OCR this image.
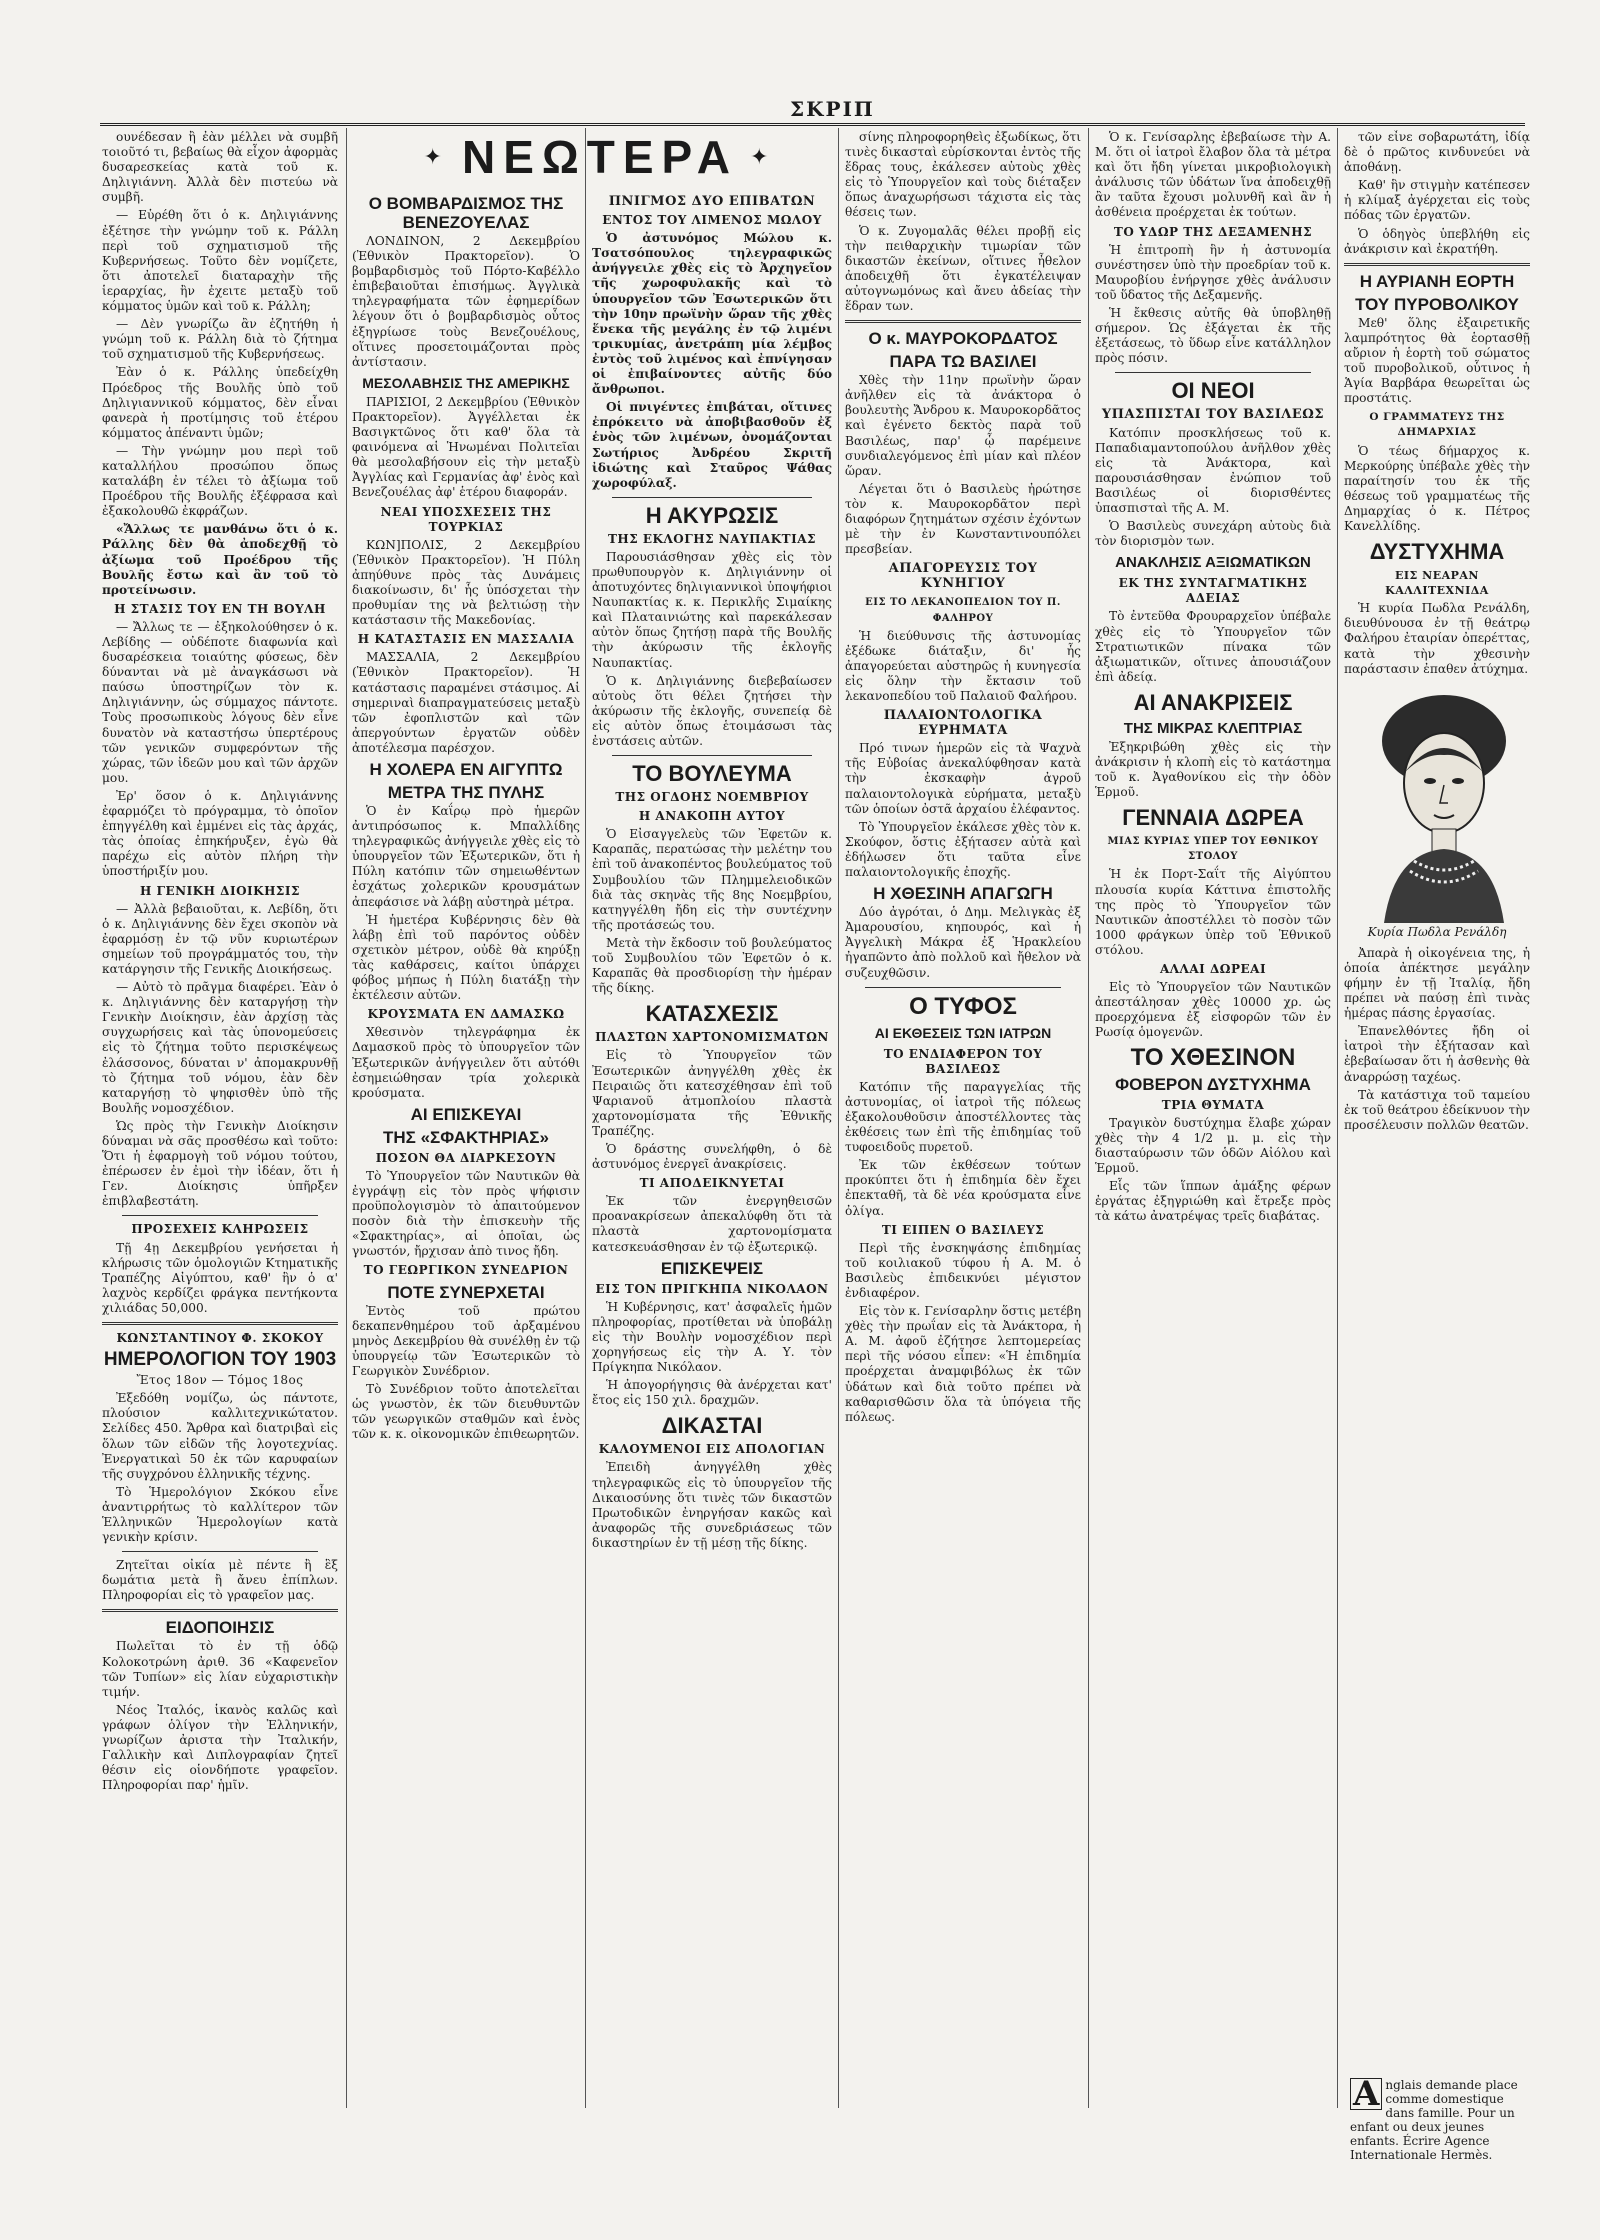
ΣΚΡΙΠ

ουνέδεσαν ἢ ἐὰν μέλλει νὰ συμβῆ τοιοῦτό τι, βεβαίως θὰ εἶχον ἀφορμὰς δυσαρεσκείας κατὰ τοῦ κ. Δηλιγιάννη. Ἀλλὰ δὲν πιστεύω νὰ συμβῆ.

— Εὑρέθη ὅτι ὁ κ. Δηλιγιάννης ἐξέτησε τὴν γνώμην τοῦ κ. Ράλλη περὶ τοῦ σχηματισμοῦ τῆς Κυβερνήσεως. Τοῦτο δὲν νομίζετε, ὅτι ἀποτελεῖ διαταραχὴν τῆς ἱεραρχίας, ἢν ἐχειτε μεταξὺ τοῦ κόμματος ὑμῶν καὶ τοῦ κ. Ράλλη;

— Δὲν γνωρίζω ἂν ἐζητήθη ἡ γνώμη τοῦ κ. Ράλλη διὰ τὸ ζήτημα τοῦ σχηματισμοῦ τῆς Κυβερνήσεως.

Ἐὰν ὁ κ. Ράλλης ὑπεδείχθη Πρόεδρος τῆς Βουλῆς ὑπὸ τοῦ Δηλιγιαννικοῦ κόμματος, δὲν εἶναι φανερὰ ἡ προτίμησις τοῦ ἑτέρου κόμματος ἀπέναντι ὑμῶν;

— Τὴν γνώμην μου περὶ τοῦ καταλλήλου προσώπου ὅπως καταλάβη ἐν τέλει τὸ ἀξίωμα τοῦ Προέδρου τῆς Βουλῆς ἐξέφρασα καὶ ἐξακολουθῶ ἐκφράζων.

«Ἄλλως τε μανθάνω ὅτι ὁ κ. Ράλλης δὲν θὰ ἀποδεχθῇ τὸ ἀξίωμα τοῦ Προέδρου τῆς Βουλῆς ἔστω καὶ ἂν τοῦ τὸ προτείνωσιν.

Η ΣΤΑΣΙΣ ΤΟΥ ΕΝ ΤΗ ΒΟΥΛΗ

— Ἄλλως τε — ἐξηκολούθησεν ὁ κ. Λεβίδης — οὐδέποτε διαφωνία καὶ δυσαρέσκεια τοιαύτης φύσεως, δὲν δύνανται νὰ μὲ ἀναγκάσωσι νὰ παύσω ὑποστηρίζων τὸν κ. Δηλιγιάννην, ὡς σύμμαχος πάντοτε. Τοὺς προσωπικοὺς λόγους δὲν εἶνε δυνατὸν νὰ καταστήσω ὑπερτέρους τῶν γενικῶν συμφερόντων τῆς χώρας, τῶν ἰδεῶν μου καὶ τῶν ἀρχῶν μου.

Ἐρ' ὅσον ὁ κ. Δηλιγιάννης ἐφαρμόζει τὸ πρόγραμμα, τὸ ὁποῖον ἐπηγγέλθη καὶ ἐμμένει εἰς τὰς ἀρχάς, τὰς ὁποίας ἐπηκήρυξεν, ἐγὼ θὰ παρέχω εἰς αὐτὸν πλήρη τὴν ὑποστήριξίν μου.

Η ΓΕΝΙΚΗ ΔΙΟΙΚΗΣΙΣ

— Ἀλλὰ βεβαιοῦται, κ. Λεβίδη, ὅτι ὁ κ. Δηλιγιάννης δὲν ἔχει σκοπὸν νὰ ἐφαρμόσῃ ἐν τῷ νῦν κυριωτέρων σημείων τοῦ προγράμματός του, τὴν κατάργησιν τῆς Γενικῆς Διοικήσεως.

— Αὐτὸ τὸ πρᾶγμα διαφέρει. Ἐὰν ὁ κ. Δηλιγιάννης δὲν καταργήσῃ τὴν Γενικὴν Διοίκησιν, ἐὰν ἀρχίσῃ τὰς συγχωρήσεις καὶ τὰς ὑπονομεύσεις εἰς τὸ ζήτημα τοῦτο περισκέψεως ἐλάσσονος, δύναται ν' ἀπομακρυνθῇ τὸ ζήτημα τοῦ νόμου, ἐὰν δὲν καταργήσῃ τὸ ψηφισθὲν ὑπὸ τῆς Βουλῆς νομοσχέδιον.

Ὡς πρὸς τὴν Γενικὴν Διοίκησιν δύναμαι νὰ σᾶς προσθέσω καὶ τοῦτο: Ὅτι ἡ ἐφαρμογὴ τοῦ νόμου τούτου, ἐπέρωσεν ἐν ἐμοὶ τὴν ἰδέαν, ὅτι ἡ Γεν. Διοίκησις ὑπῆρξεν ἐπιβλαβεστάτη.

ΠΡΟΣΕΧΕΙΣ ΚΛΗΡΩΣΕΙΣ

Τῇ 4ῃ Δεκεμβρίου γενήσεται ἡ κλήρωσις τῶν ὁμολογιῶν Κτηματικῆς Τραπέζης Αἰγύπτου, καθ' ἣν ὁ α' λαχνὸς κερδίζει φράγκα πεντήκοντα χιλιάδας 50,000.

ΚΩΝΣΤΑΝΤΙΝΟΥ Φ. ΣΚΟΚΟΥ
ΗΜΕΡΟΛΟΓΙΟΝ ΤΟΥ 1903
Ἔτος 18ον — Τόμος 18ος

Ἐξεδόθη νομίζω, ὡς πάντοτε, πλούσιον καλλιτεχνικώτατον. Σελίδες 450. Ἄρθρα καὶ διατριβαὶ εἰς ὅλων τῶν εἰδῶν τῆς λογοτεχνίας. Ἐνεργατικαὶ 50 ἐκ τῶν καρυφαίων τῆς συγχρόνου ἑλληνικῆς τέχνης.

Τὸ Ἡμερολόγιον Σκόκου εἶνε ἀναντιρρήτως τὸ καλλίτερον τῶν Ἑλληνικῶν Ἡμερολογίων κατὰ γενικὴν κρίσιν.

Ζητεῖται οἰκία μὲ πέντε ἢ ἓξ δωμάτια μετὰ ἢ ἄνευ ἐπίπλων. Πληροφορίαι εἰς τὸ γραφεῖον μας.

ΕΙΔΟΠΟΙΗΣΙΣ

Πωλεῖται τὸ ἐν τῇ ὁδῷ Κολοκοτρώνη ἀριθ. 36 «Καφενεῖον τῶν Τυπίων» εἰς λίαν εὐχαριστικὴν τιμήν.

Νέος Ἰταλός, ἱκανὸς καλῶς καὶ γράφων ὁλίγον τὴν Ἑλληνικήν, γνωρίζων ἀριστα τὴν Ἰταλικήν, Γαλλικὴν καὶ Διπλογραφίαν ζητεῖ θέσιν εἰς οἱονδήποτε γραφεῖον. Πληροφορίαι παρ' ἡμῖν.

✦ ΝΕΩΤΕΡΑ ✦
Ο ΒΟΜΒΑΡΔΙΣΜΟΣ ΤΗΣ ΒΕΝΕΖΟΥΕΛΑΣ

ΛΟΝΔΙΝΟΝ, 2 Δεκεμβρίου (Ἐθνικὸν Πρακτορεῖον). Ὁ βομβαρδισμὸς τοῦ Πόρτο-Καβέλλο ἐπιβεβαιοῦται ἐπισήμως. Ἀγγλικὰ τηλεγραφήματα τῶν ἐφημερίδων λέγουν ὅτι ὁ βομβαρδισμὸς οὗτος ἐξηγρίωσε τοὺς Βενεζουέλους, οἵτινες προσετοιμάζονται πρὸς ἀντίστασιν.

ΜΕΣΟΛΑΒΗΣΙΣ ΤΗΣ ΑΜΕΡΙΚΗΣ

ΠΑΡΙΣΙΟΙ, 2 Δεκεμβρίου (Ἐθνικὸν Πρακτορεῖον). Ἀγγέλλεται ἐκ Βασιγκτῶνος ὅτι καθ' ὅλα τὰ φαινόμενα αἱ Ἡνωμέναι Πολιτεῖαι θὰ μεσολαβήσουν εἰς τὴν μεταξὺ Ἀγγλίας καὶ Γερμανίας ἀφ' ἑνὸς καὶ Βενεζουέλας ἀφ' ἑτέρου διαφοράν.

ΝΕΑΙ ΥΠΟΣΧΕΣΕΙΣ ΤΗΣ ΤΟΥΡΚΙΑΣ

ΚΩΝ]ΠΟΛΙΣ, 2 Δεκεμβρίου (Ἐθνικὸν Πρακτορεῖον). Ἡ Πύλη ἀπηύθυνε πρὸς τὰς Δυνάμεις διακοίνωσιν, δι' ἧς ὑπόσχεται τὴν προθυμίαν της νὰ βελτιώσῃ τὴν κατάστασιν τῆς Μακεδονίας.

Η ΚΑΤΑΣΤΑΣΙΣ ΕΝ ΜΑΣΣΑΛΙΑ

ΜΑΣΣΑΛΙΑ, 2 Δεκεμβρίου (Ἐθνικὸν Πρακτορεῖον). Ἡ κατάστασις παραμένει στάσιμος. Αἱ σημεριναὶ διαπραγματεύσεις μεταξὺ τῶν ἐφοπλιστῶν καὶ τῶν ἀπεργούντων ἐργατῶν οὐδὲν ἀποτέλεσμα παρέσχον.

Η ΧΟΛΕΡΑ ΕΝ ΑΙΓΥΠΤΩ
ΜΕΤΡΑ ΤΗΣ ΠΥΛΗΣ

Ὁ ἐν Καΐρῳ πρὸ ἡμερῶν ἀντιπρόσωπος κ. Μπαλλίδης τηλεγραφικῶς ἀνήγγειλε χθὲς εἰς τὸ ὑπουργεῖον τῶν Ἐξωτερικῶν, ὅτι ἡ Πύλη κατόπιν τῶν σημειωθέντων ἐσχάτως χολερικῶν κρουσμάτων ἀπεφάσισε νὰ λάβῃ αὐστηρὰ μέτρα.

Ἡ ἡμετέρα Κυβέρνησις δὲν θὰ λάβῃ ἐπὶ τοῦ παρόντος οὐδὲν σχετικὸν μέτρον, οὐδὲ θὰ κηρύξῃ τὰς καθάρσεις, καίτοι ὑπάρχει φόβος μήπως ἡ Πύλη διατάξῃ τὴν ἐκτέλεσιν αὐτῶν.

ΚΡΟΥΣΜΑΤΑ ΕΝ ΔΑΜΑΣΚΩ

Χθεσινὸν τηλεγράφημα ἐκ Δαμασκοῦ πρὸς τὸ ὑπουργεῖον τῶν Ἐξωτερικῶν ἀνήγγειλεν ὅτι αὐτόθι ἐσημειώθησαν τρία χολερικὰ κρούσματα.

ΑΙ ΕΠΙΣΚΕΥΑΙ
ΤΗΣ «ΣΦΑΚΤΗΡΙΑΣ»
ΠΟΣΟΝ ΘΑ ΔΙΑΡΚΕΣΟΥΝ

Τὸ Ὑπουργεῖον τῶν Ναυτικῶν θὰ ἐγγράψῃ εἰς τὸν πρὸς ψήφισιν προϋπολογισμὸν τὸ ἀπαιτούμενον ποσὸν διὰ τὴν ἐπισκευὴν τῆς «Σφακτηρίας», αἱ ὁποῖαι, ὡς γνωστόν, ἤρχισαν ἀπὸ τινος ἤδη.

ΤΟ ΓΕΩΡΓΙΚΟΝ ΣΥΝΕΔΡΙΟΝ
ΠΟΤΕ ΣΥΝΕΡΧΕΤΑΙ

Ἐντὸς τοῦ πρώτου δεκαπενθημέρου τοῦ ἀρξαμένου μηνὸς Δεκεμβρίου θὰ συνέλθῃ ἐν τῷ ὑπουργείῳ τῶν Ἐσωτερικῶν τὸ Γεωργικὸν Συνέδριον.

Τὸ Συνέδριον τοῦτο ἀποτελεῖται ὡς γνωστὸν, ἐκ τῶν διευθυντῶν τῶν γεωργικῶν σταθμῶν καὶ ἑνὸς τῶν κ. κ. οἰκονομικῶν ἐπιθεωρητῶν.

ΠΝΙΓΜΟΣ ΔΥΟ ΕΠΙΒΑΤΩΝ
ΕΝΤΟΣ ΤΟΥ ΛΙΜΕΝΟΣ ΜΩΛΟΥ

Ὁ ἀστυνόμος Μώλου κ. Τσατσόπουλος τηλεγραφικῶς ἀνήγγειλε χθὲς εἰς τὸ Ἀρχηγεῖον τῆς χωροφυλακῆς καὶ τὸ ὑπουργεῖον τῶν Ἐσωτερικῶν ὅτι τὴν 10ην πρωϊνὴν ὥραν τῆς χθὲς ἕνεκα τῆς μεγάλης ἐν τῷ λιμένι τρικυμίας, ἀνετράπη μία λέμβος ἐντὸς τοῦ λιμένος καὶ ἐπνίγησαν οἱ ἐπιβαίνοντες αὐτῆς δύο ἄνθρωποι.

Οἱ πνιγέντες ἐπιβάται, οἵτινες ἐπρόκειτο νὰ ἀποβιβασθοῦν ἐξ ἑνὸς τῶν λιμένων, ὀνομάζονται Σωτήριος Ἀνδρέου Σκριτῆ ἰδιώτης καὶ Σταῦρος Ψάθας χωροφύλαξ.

Η ΑΚΥΡΩΣΙΣ
ΤΗΣ ΕΚΛΟΓΗΣ ΝΑΥΠΑΚΤΙΑΣ

Παρουσιάσθησαν χθὲς εἰς τὸν πρωθυπουργὸν κ. Δηλιγιάννην οἱ ἀποτυχόντες δηλιγιαννικοὶ ὑποψήφιοι Ναυπακτίας κ. κ. Περικλῆς Σιμαίκης καὶ Πλαταινιώτης καὶ παρεκάλεσαν αὐτὸν ὅπως ζητήσῃ παρὰ τῆς Βουλῆς τὴν ἀκύρωσιν τῆς ἐκλογῆς Ναυπακτίας.

Ὁ κ. Δηλιγιάννης διεβεβαίωσεν αὐτοὺς ὅτι θέλει ζητήσει τὴν ἀκύρωσιν τῆς ἐκλογῆς, συνεπείᾳ δὲ εἰς αὐτὸν ὅπως ἑτοιμάσωσι τὰς ἐνστάσεις αὐτῶν.

ΤΟ ΒΟΥΛΕΥΜΑ
ΤΗΣ ΟΓΔΟΗΣ ΝΟΕΜΒΡΙΟΥ
Η ΑΝΑΚΟΠΗ ΑΥΤΟΥ

Ὁ Εἰσαγγελεὺς τῶν Ἐφετῶν κ. Καραπᾶς, περατώσας τὴν μελέτην του ἐπὶ τοῦ ἀνακοπέντος βουλεύματος τοῦ Συμβουλίου τῶν Πλημμελειοδικῶν διὰ τὰς σκηνὰς τῆς 8ης Νοεμβρίου, κατηγγέλθη ἤδη εἰς τὴν συντέχνην τῆς προτάσεώς του.

Μετὰ τὴν ἔκδοσιν τοῦ βουλεύματος τοῦ Συμβουλίου τῶν Ἐφετῶν ὁ κ. Καραπᾶς θὰ προσδιορίσῃ τὴν ἡμέραν τῆς δίκης.

ΚΑΤΑΣΧΕΣΙΣ
ΠΛΑΣΤΩΝ ΧΑΡΤΟΝΟΜΙΣΜΑΤΩΝ

Εἰς τὸ Ὑπουργεῖον τῶν Ἐσωτερικῶν ἀνηγγέλθη χθὲς ἐκ Πειραιῶς ὅτι κατεσχέθησαν ἐπὶ τοῦ Ψαριανοῦ ἀτμοπλοίου πλαστὰ χαρτονομίσματα τῆς Ἐθνικῆς Τραπέζης.

Ὁ δράστης συνελήφθη, ὁ δὲ ἀστυνόμος ἐνεργεῖ ἀνακρίσεις.

ΤΙ ΑΠΟΔΕΙΚΝΥΕΤΑΙ

Ἐκ τῶν ἐνεργηθεισῶν προανακρίσεων ἀπεκαλύφθη ὅτι τὰ πλαστὰ χαρτονομίσματα κατεσκευάσθησαν ἐν τῷ ἐξωτερικῷ.

ΕΠΙΣΚΕΨΕΙΣ
ΕΙΣ ΤΟΝ ΠΡΙΓΚΗΠΑ ΝΙΚΟΛΑΟΝ

Ἡ Κυβέρνησις, κατ' ἀσφαλεῖς ἡμῶν πληροφορίας, προτίθεται νὰ ὑποβάλῃ εἰς τὴν Βουλὴν νομοσχέδιον περὶ χορηγήσεως εἰς τὴν Α. Υ. τὸν Πρίγκηπα Νικόλαον.

Ἡ ἀπογορήγησις θὰ ἀνέρχεται κατ' ἔτος εἰς 150 χιλ. δραχμῶν.

ΔΙΚΑΣΤΑΙ
ΚΑΛΟΥΜΕΝΟΙ ΕΙΣ ΑΠΟΛΟΓΙΑΝ

Ἐπειδὴ ἀνηγγέλθη χθὲς τηλεγραφικῶς εἰς τὸ ὑπουργεῖον τῆς Δικαιοσύνης ὅτι τινὲς τῶν δικαστῶν Πρωτοδικῶν ἐνηργήσαν κακῶς καὶ ἀναφορῶς τῆς συνεδριάσεως τῶν δικαστηρίων ἐν τῇ μέσῃ τῆς δίκης.

σίνης πληροφορηθεὶς ἐξωδίκως, ὅτι τινὲς δικασταὶ εὑρίσκονται ἐντὸς τῆς ἕδρας τους, ἐκάλεσεν αὐτοὺς χθὲς εἰς τὸ Ὑπουργεῖον καὶ τοὺς διέταξεν ὅπως ἀναχωρήσωσι τάχιστα εἰς τὰς θέσεις των.

Ὁ κ. Ζυγομαλᾶς θέλει προβῇ εἰς τὴν πειθαρχικὴν τιμωρίαν τῶν δικαστῶν ἐκείνων, οἵτινες ἦθελον ἀποδειχθῆ ὅτι ἐγκατέλειψαν αὐτογνωμόνως καὶ ἄνευ ἀδείας τὴν ἕδραν των.

Ο κ. ΜΑΥΡΟΚΟΡΔΑΤΟΣ
ΠΑΡΑ ΤΩ ΒΑΣΙΛΕΙ

Χθὲς τὴν 11ην πρωϊνὴν ὥραν ἀνῆλθεν εἰς τὰ ἀνάκτορα ὁ βουλευτὴς Ἄνδρου κ. Μαυροκορδᾶτος καὶ ἐγένετο δεκτὸς παρὰ τοῦ Βασιλέως, παρ' ᾧ παρέμεινε συνδιαλεγόμενος ἐπὶ μίαν καὶ πλέον ὥραν.

Λέγεται ὅτι ὁ Βασιλεὺς ἠρώτησε τὸν κ. Μαυροκορδᾶτον περὶ διαφόρων ζητημάτων σχέσιν ἐχόντων μὲ τὴν ἐν Κωνσταντινουπόλει πρεσβείαν.

ΑΠΑΓΟΡΕΥΣΙΣ ΤΟΥ ΚΥΝΗΓΙΟΥ
ΕΙΣ ΤΟ ΛΕΚΑΝΟΠΕΔΙΟΝ ΤΟΥ Π. ΦΑΛΗΡΟΥ

Ἡ διεύθυνσις τῆς ἀστυνομίας ἐξέδωκε διάταξιν, δι' ἧς ἀπαγορεύεται αὐστηρῶς ἡ κυνηγεσία εἰς ὅλην τὴν ἔκτασιν τοῦ λεκανοπεδίου τοῦ Παλαιοῦ Φαλήρου.

ΠΑΛΑΙΟΝΤΟΛΟΓΙΚΑ ΕΥΡΗΜΑΤΑ

Πρό τινων ἡμερῶν εἰς τὰ Ψαχνὰ τῆς Εὐβοίας ἀνεκαλύφθησαν κατὰ τὴν ἐκσκαφὴν ἀγροῦ παλαιοντολογικὰ εὑρήματα, μεταξὺ τῶν ὁποίων ὀστᾶ ἀρχαίου ἐλέφαντος.

Τὸ Ὑπουργεῖον ἐκάλεσε χθὲς τὸν κ. Σκούφον, ὅστις ἐξήτασεν αὐτὰ καὶ ἐδήλωσεν ὅτι ταῦτα εἶνε παλαιοντολογικῆς ἐποχῆς.

Η ΧΘΕΣΙΝΗ ΑΠΑΓΩΓΗ

Δύο ἀγρόται, ὁ Δημ. Μελιγκὰς ἐξ Ἀμαρουσίου, κηπουρός, καὶ ἡ Ἀγγελικὴ Μάκρα ἐξ Ἡρακλείου ἠγαπῶντο ἀπὸ πολλοῦ καὶ ἤθελον νὰ συζευχθῶσιν.

Ο ΤΥΦΟΣ
ΑΙ ΕΚΘΕΣΕΙΣ ΤΩΝ ΙΑΤΡΩΝ
ΤΟ ΕΝΔΙΑΦΕΡΟΝ ΤΟΥ ΒΑΣΙΛΕΩΣ

Κατόπιν τῆς παραγγελίας τῆς ἀστυνομίας, οἱ ἰατροὶ τῆς πόλεως ἐξακολουθοῦσιν ἀποστέλλοντες τὰς ἐκθέσεις των ἐπὶ τῆς ἐπιδημίας τοῦ τυφοειδοῦς πυρετοῦ.

Ἐκ τῶν ἐκθέσεων τούτων προκύπτει ὅτι ἡ ἐπιδημία δὲν ἔχει ἐπεκταθῆ, τὰ δὲ νέα κρούσματα εἶνε ὀλίγα.

ΤΙ ΕΙΠΕΝ Ο ΒΑΣΙΛΕΥΣ

Περὶ τῆς ἐνσκηψάσης ἐπιδημίας τοῦ κοιλιακοῦ τύφου ἡ Α. Μ. ὁ Βασιλεὺς ἐπιδεικνύει μέγιστον ἐνδιαφέρον.

Εἰς τὸν κ. Γενίσαρλην ὅστις μετέβη χθὲς τὴν πρωΐαν εἰς τὰ Ἀνάκτορα, ἡ Α. Μ. ἀφοῦ ἐζήτησε λεπτομερείας περὶ τῆς νόσου εἶπεν: «Ἡ ἐπιδημία προέρχεται ἀναμφιβόλως ἐκ τῶν ὑδάτων καὶ διὰ τοῦτο πρέπει νὰ καθαρισθῶσιν ὅλα τὰ ὑπόγεια τῆς πόλεως.

Ὁ κ. Γενίσαρλης ἐβεβαίωσε τὴν Α. Μ. ὅτι οἱ ἰατροὶ ἔλαβον ὅλα τὰ μέτρα καὶ ὅτι ἤδη γίνεται μικροβιολογικὴ ἀνάλυσις τῶν ὑδάτων ἵνα ἀποδειχθῇ ἂν ταῦτα ἔχουσι μολυνθῆ καὶ ἂν ἡ ἀσθένεια προέρχεται ἐκ τούτων.

ΤΟ ΥΔΩΡ ΤΗΣ ΔΕΞΑΜΕΝΗΣ

Ἡ ἐπιτροπὴ ἣν ἡ ἀστυνομία συνέστησεν ὑπὸ τὴν προεδρίαν τοῦ κ. Μαυροβίου ἐνήργησε χθὲς ἀνάλυσιν τοῦ ὕδατος τῆς Δεξαμενῆς.

Ἡ ἔκθεσις αὐτῆς θὰ ὑποβληθῇ σήμερον. Ὡς ἐξάγεται ἐκ τῆς ἐξετάσεως, τὸ ὕδωρ εἶνε κατάλληλον πρὸς πόσιν.

ΟΙ ΝΕΟΙ
ΥΠΑΣΠΙΣΤΑΙ ΤΟΥ ΒΑΣΙΛΕΩΣ

Κατόπιν προσκλήσεως τοῦ κ. Παπαδιαμαντοπούλου ἀνῆλθον χθὲς εἰς τὰ Ἀνάκτορα, καὶ παρουσιάσθησαν ἐνώπιον τοῦ Βασιλέως οἱ διορισθέντες ὑπασπισταὶ τῆς Α. Μ.

Ὁ Βασιλεὺς συνεχάρη αὐτοὺς διὰ τὸν διορισμὸν των.

ΑΝΑΚΛΗΣΙΣ ΑΞΙΩΜΑΤΙΚΩΝ
ΕΚ ΤΗΣ ΣΥΝΤΑΓΜΑΤΙΚΗΣ ΑΔΕΙΑΣ

Τὸ ἐντεῦθα Φρουραρχεῖον ὑπέβαλε χθὲς εἰς τὸ Ὑπουργεῖον τῶν Στρατιωτικῶν πίνακα τῶν ἀξιωματικῶν, οἵτινες ἀπουσιάζουν ἐπὶ ἀδείᾳ.

ΑΙ ΑΝΑΚΡΙΣΕΙΣ
ΤΗΣ ΜΙΚΡΑΣ ΚΛΕΠΤΡΙΑΣ

Ἐξηκριβώθη χθὲς εἰς τὴν ἀνάκρισιν ἡ κλοπὴ εἰς τὸ κατάστημα τοῦ κ. Ἀγαθονίκου εἰς τὴν ὁδὸν Ἑρμοῦ.

ΓΕΝΝΑΙΑ ΔΩΡΕΑ
ΜΙΑΣ ΚΥΡΙΑΣ ΥΠΕΡ ΤΟΥ ΕΘΝΙΚΟΥ ΣΤΟΛΟΥ

Ἡ ἐκ Πορτ-Σαΐτ τῆς Αἰγύπτου πλουσία κυρία Κάττινα ἐπιστολῆς της πρὸς τὸ Ὑπουργεῖον τῶν Ναυτικῶν ἀποστέλλει τὸ ποσὸν τῶν 1000 φράγκων ὑπὲρ τοῦ Ἐθνικοῦ στόλου.

ΑΛΛΑΙ ΔΩΡΕΑΙ

Εἰς τὸ Ὑπουργεῖον τῶν Ναυτικῶν ἀπεστάλησαν χθὲς 10000 χρ. ὡς προερχόμενα ἐξ εἰσφορῶν τῶν ἐν Ρωσίᾳ ὁμογενῶν.

ΤΟ ΧΘΕΣΙΝΟΝ
ΦΟΒΕΡΟΝ ΔΥΣΤΥΧΗΜΑ
ΤΡΙΑ ΘΥΜΑΤΑ

Τραγικὸν δυστύχημα ἔλαβε χώραν χθὲς τὴν 4 1/2 μ. μ. εἰς τὴν διασταύρωσιν τῶν ὁδῶν Αἰόλου καὶ Ἑρμοῦ.

Εἷς τῶν ἵππων ἁμάξης φέρων ἐργάτας ἐξηγριώθη καὶ ἔτρεξε πρὸς τὰ κάτω ἀνατρέψας τρεῖς διαβάτας.

τῶν εἶνε σοβαρωτάτη, ἰδίᾳ δὲ ὁ πρῶτος κινδυνεύει νὰ ἀποθάνῃ.

Καθ' ἣν στιγμὴν κατέπεσεν ἡ κλίμαξ ἀγέρχεται εἰς τοὺς πόδας τῶν ἐργατῶν.

Ὁ ὁδηγὸς ὑπεβλήθη εἰς ἀνάκρισιν καὶ ἐκρατήθη.

Η ΑΥΡΙΑΝΗ ΕΟΡΤΗ
ΤΟΥ ΠΥΡΟΒΟΛΙΚΟΥ

Μεθ' ὅλης ἐξαιρετικῆς λαμπρότητος θὰ ἑορτασθῇ αὔριον ἡ ἑορτὴ τοῦ σώματος τοῦ πυροβολικοῦ, οὗτινος ἡ Ἁγία Βαρβάρα θεωρεῖται ὡς προστάτις.

Ο ΓΡΑΜΜΑΤΕΥΣ ΤΗΣ ΔΗΜΑΡΧΙΑΣ

Ὁ τέως δήμαρχος κ. Μερκούρης ὑπέβαλε χθὲς τὴν παραίτησίν του ἐκ τῆς θέσεως τοῦ γραμματέως τῆς Δημαρχίας ὁ κ. Πέτρος Κανελλίδης.

ΔΥΣΤΥΧΗΜΑ
ΕΙΣ ΝΕΑΡΑΝ ΚΑΛΛΙΤΕΧΝΙΔΑ

Ἡ κυρία Πωδλα Ρενάλδη, διευθύνουσα ἐν τῇ θεάτρῳ Φαλήρου ἐταιρίαν ὀπερέττας, κατὰ τὴν χθεσινὴν παράστασιν ἐπαθεν ἀτύχημα.

Κυρία Πωδλα Ρενάλδη

Ἀπαρὰ ἡ οἰκογένεια της, ἡ ὁποία ἀπέκτησε μεγάλην φήμην ἐν τῇ Ἰταλίᾳ, ἤδη πρέπει νὰ παύσῃ ἐπὶ τινὰς ἡμέρας πάσης ἐργασίας.

Ἐπανελθόντες ἤδη οἱ ἰατροὶ τὴν ἐξήτασαν καὶ ἐβεβαίωσαν ὅτι ἡ ἀσθενὴς θὰ ἀναρρώσῃ ταχέως.

Τὰ κατάστιχα τοῦ ταμείου ἐκ τοῦ θεάτρου ἐδείκνυον τὴν προσέλευσιν πολλῶν θεατῶν.

A nglais demande place comme domestique dans famille. Pour un enfant ou deux jeunes enfants. Écrire Agence Internationale Hermès.
